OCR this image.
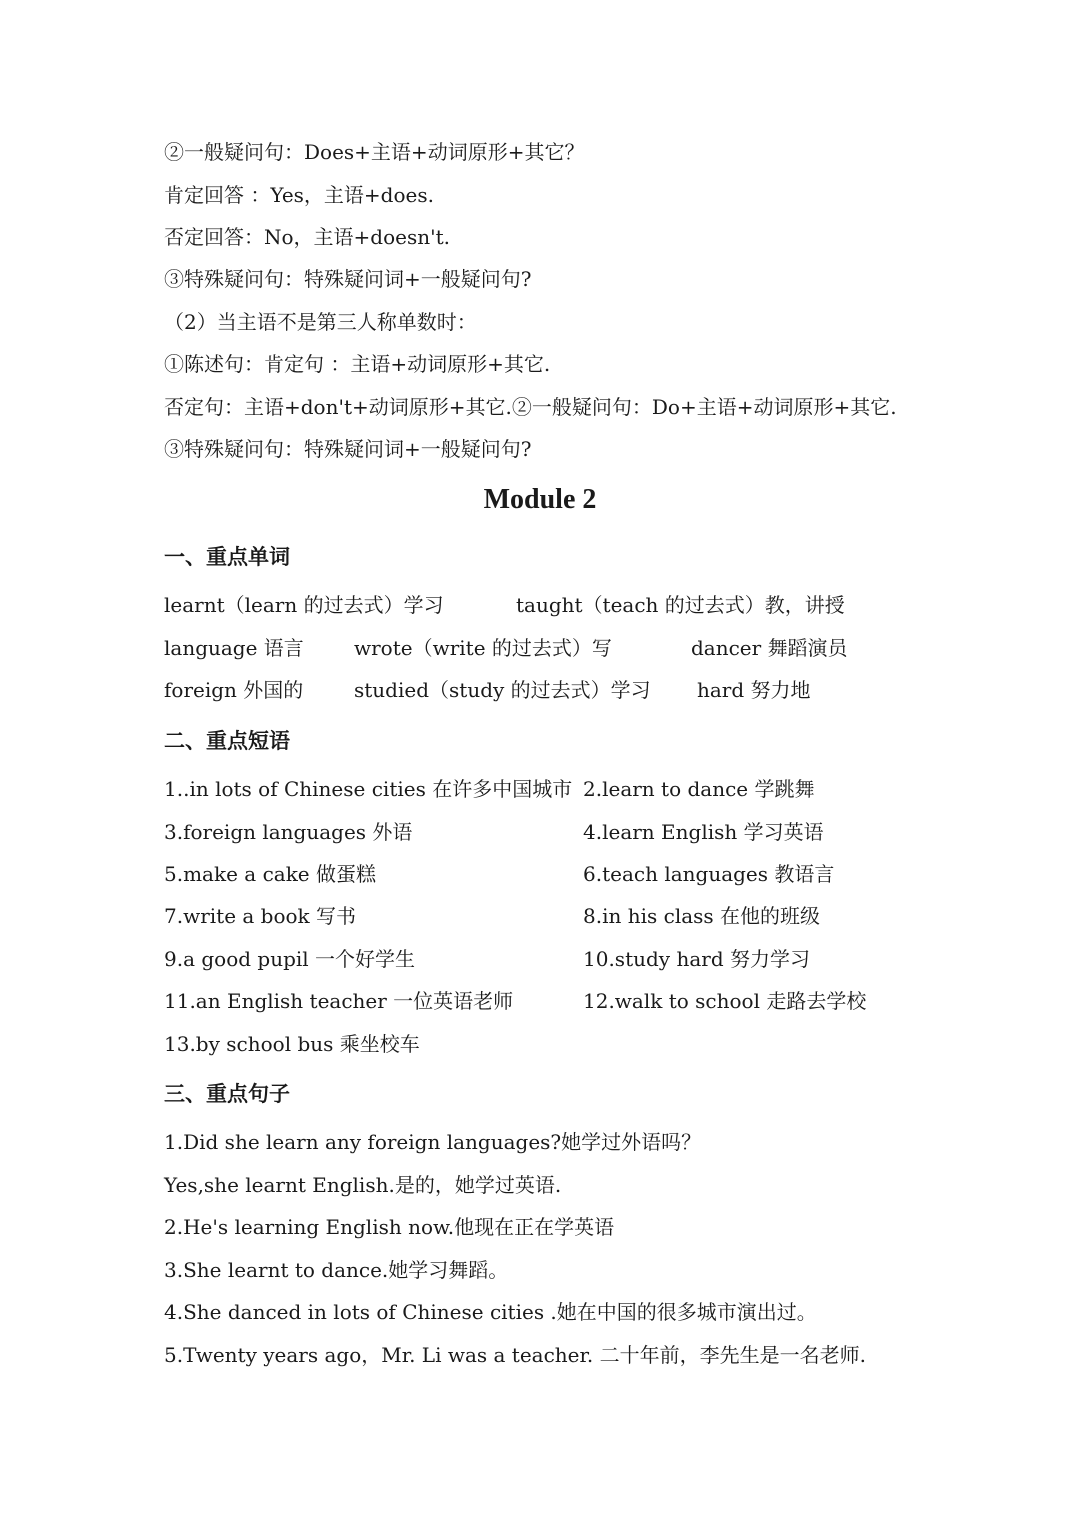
②一般疑问句：Does+主语+动词原形+其它？
肯定回答 ：Yes，主语+does.
否定回答：No，主语+doesn't.
③特殊疑问句：特殊疑问词+一般疑问句?
（2）当主语不是第三人称单数时：
①陈述句：肯定句 ：主语+动词原形+其它.
否定句：主语+don't+动词原形+其它.②一般疑问句：Do+主语+动词原形+其它.
③特殊疑问句：特殊疑问词+一般疑问句?
Module 2
一、重点单词
learnt（learn 的过去式）学习	taught（teach 的过去式）教，讲授
language 语言	wrote（write 的过去式）写	dancer 舞蹈演员
foreign 外国的	studied（study 的过去式）学习 hard 努力地
二、重点短语
1..in lots of Chinese cities 在许多中国城市 2.learn to dance 学跳舞
3.foreign languages 外语	4.learn English 学习英语
5.make a cake 做蛋糕	6.teach languages 教语言
7.write a book 写书	8.in his class 在他的班级
9.a good pupil 一个好学生	10.study hard 努力学习
11.an English teacher 一位英语老师	12.walk to school 走路去学校
13.by school bus 乘坐校车
三、重点句子
1.Did she learn any foreign languages?她学过外语吗？
Yes,she learnt English.是的，她学过英语.
2.He's learning English now.他现在正在学英语
3.She learnt to dance.她学习舞蹈。
4.She danced in lots of Chinese cities .她在中国的很多城市演出过。
5.Twenty years ago，Mr. Li was a teacher. 二十年前，李先生是一名老师.
